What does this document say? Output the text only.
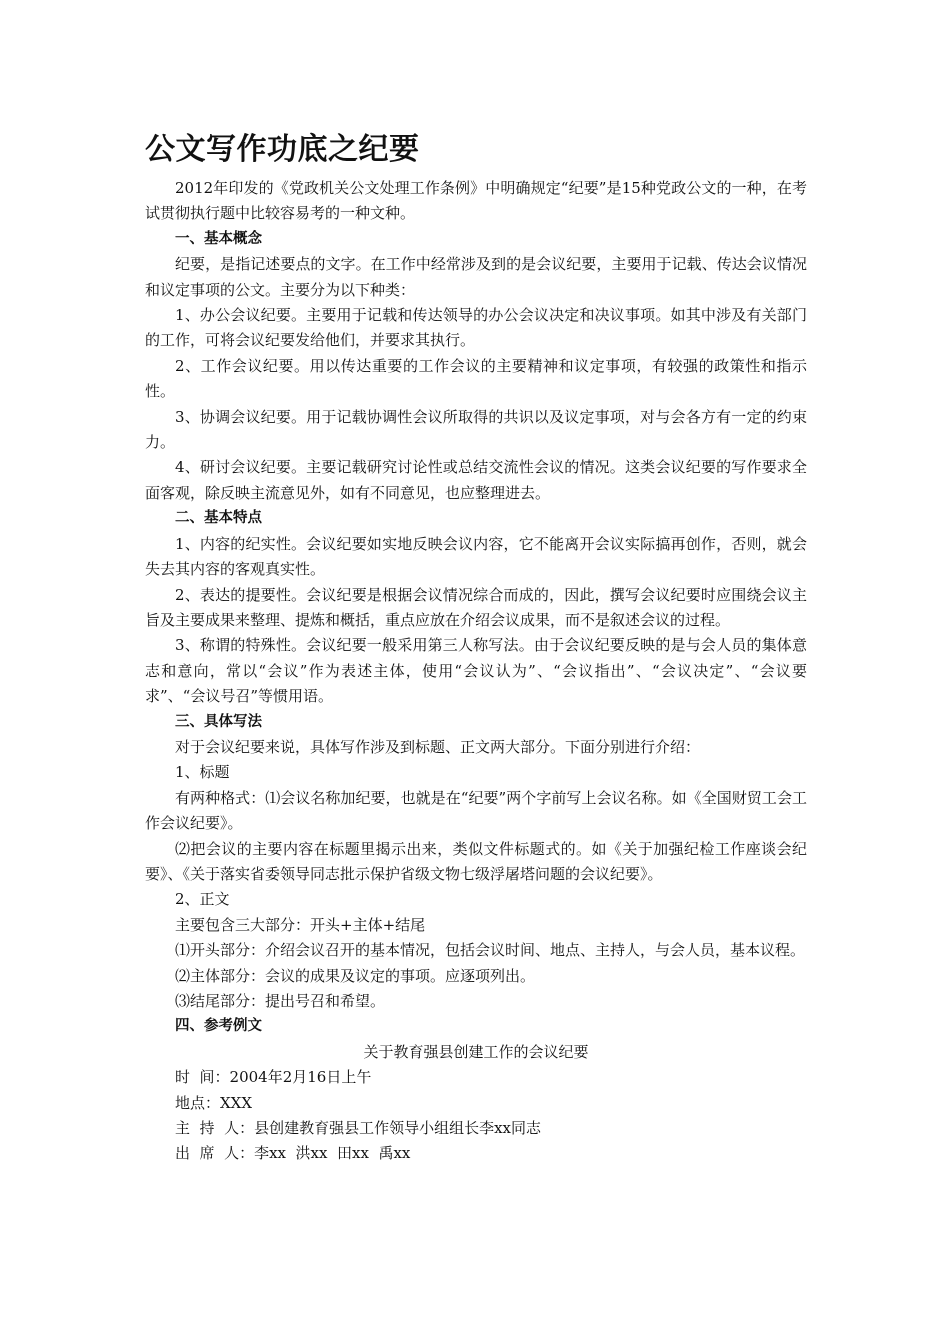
公文写作功底之纪要

2012年印发的《党政机关公文处理工作条例》中明确规定“纪要”是15种党政公文的一种，在考试贯彻执行题中比较容易考的一种文种。

一、基本概念

纪要，是指记述要点的文字。在工作中经常涉及到的是会议纪要，主要用于记载、传达会议情况和议定事项的公文。主要分为以下种类：

1、办公会议纪要。主要用于记载和传达领导的办公会议决定和决议事项。如其中涉及有关部门的工作，可将会议纪要发给他们，并要求其执行。

2、工作会议纪要。用以传达重要的工作会议的主要精神和议定事项，有较强的政策性和指示性。

3、协调会议纪要。用于记载协调性会议所取得的共识以及议定事项，对与会各方有一定的约束力。

4、研讨会议纪要。主要记载研究讨论性或总结交流性会议的情况。这类会议纪要的写作要求全面客观，除反映主流意见外，如有不同意见，也应整理进去。

二、基本特点

1、内容的纪实性。会议纪要如实地反映会议内容，它不能离开会议实际搞再创作，否则，就会失去其内容的客观真实性。

2、表达的提要性。会议纪要是根据会议情况综合而成的，因此，撰写会议纪要时应围绕会议主旨及主要成果来整理、提炼和概括，重点应放在介绍会议成果，而不是叙述会议的过程。

3、称谓的特殊性。会议纪要一般采用第三人称写法。由于会议纪要反映的是与会人员的集体意志和意向，常以“会议”作为表述主体，使用“会议认为”、“会议指出”、“会议决定”、“会议要求”、“会议号召”等惯用语。

三、具体写法

对于会议纪要来说，具体写作涉及到标题、正文两大部分。下面分别进行介绍：

1、标题

有两种格式：⑴会议名称加纪要，也就是在“纪要”两个字前写上会议名称。如《全国财贸工会工作会议纪要》。

⑵把会议的主要内容在标题里揭示出来，类似文件标题式的。如《关于加强纪检工作座谈会纪要》、《关于落实省委领导同志批示保护省级文物七级浮屠塔问题的会议纪要》。

2、正文

主要包含三大部分：开头+主体+结尾

⑴开头部分：介绍会议召开的基本情况，包括会议时间、地点、主持人，与会人员，基本议程。

⑵主体部分：会议的成果及议定的事项。应逐项列出。

⑶结尾部分：提出号召和希望。

四、参考例文

关于教育强县创建工作的会议纪要

时  间：2004年2月16日上午

地点：XXX

主  持  人：县创建教育强县工作领导小组组长李xx同志

出  席  人：李xx  洪xx  田xx  禹xx
